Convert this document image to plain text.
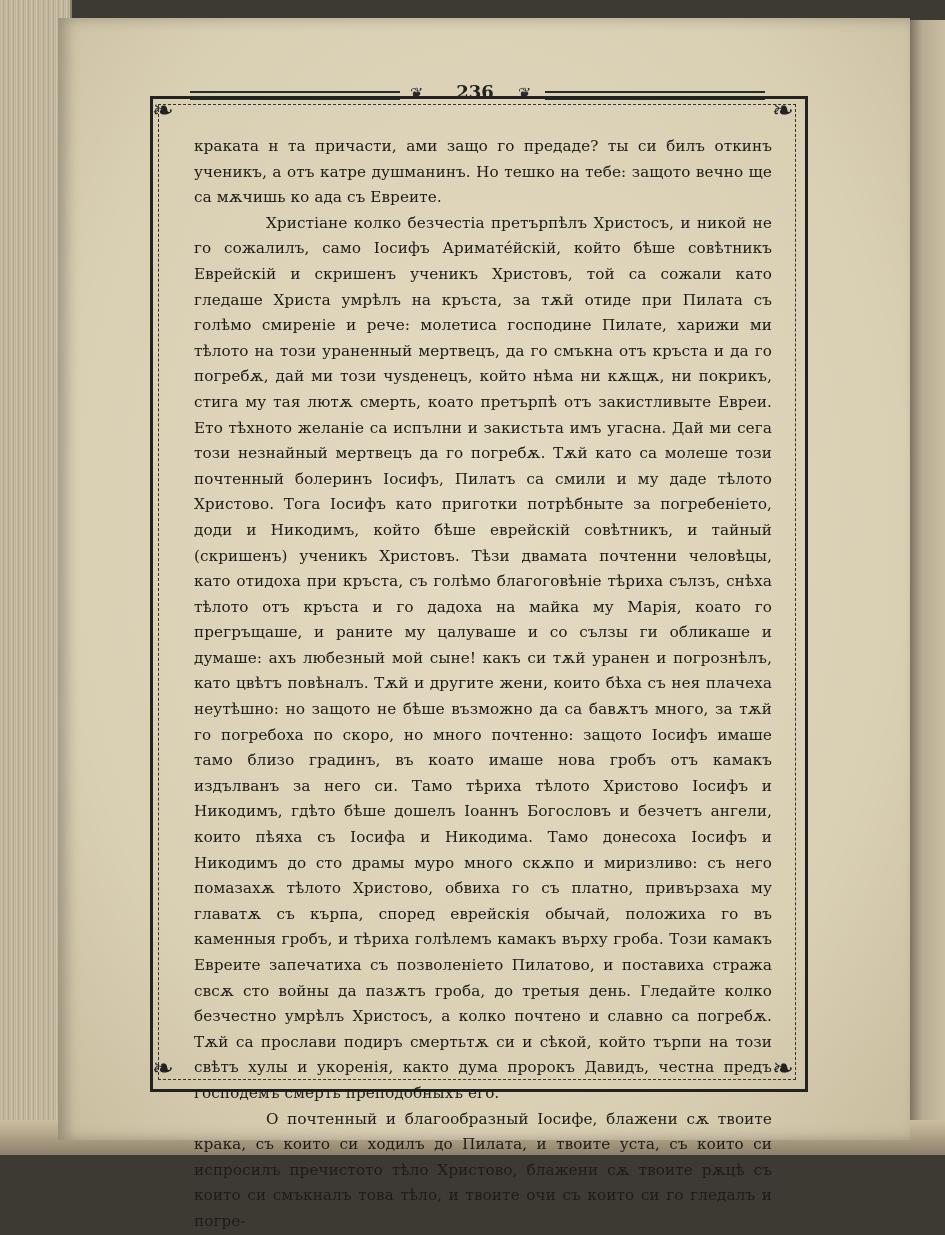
❦	236	❦
❧	❧
❧	❧

краката н та причасти, ами защо го предаде? ты си билъ откинъ ученикъ, а отъ катре душманинъ. Но тешко на тебе: защото вечно ще са мѫчишь ко ада съ Евреите.

Христіане колко безчестіа претърпѣлъ Христосъ, и никой не го сожалилъ, само Іосифъ Аримате́йскій, който бѣше совѣтникъ Еврейскій и скришенъ ученикъ Христовъ, той са сожали като гледаше Христа умрѣлъ на кръста, за тѫй отиде при Пилата съ голѣмо смиреніе и рече: молетиса господине Пилате, харижи ми тѣлото на този ураненный мертвецъ, да го смъкна отъ кръста и да го погребѫ, дай ми този чуѕденецъ, който нѣма ни кѫщѫ, ни покрикъ, стига му тая лютѫ смерть, коато претърпѣ отъ закистливыте Евреи. Ето тѣхното желаніе са испълни и закистьта имъ угасна. Дай ми сега този незнайный мертвецъ да го погребѫ. Тѫй като са молеше този почтенный болеринъ Іосифъ, Пилатъ са смили и му даде тѣлото Христово. Тога Іосифъ като приготки потрѣбныте за погребеніето, доди и Никодимъ, който бѣше еврейскій совѣтникъ, и тайный (скришенъ) ученикъ Христовъ. Тѣзи двамата почтенни человѣцы, като отидоха при кръста, съ голѣмо благоговѣніе тѣриха сълзъ, снѣха тѣлото отъ кръста и го дадоха на майка му Марія, коато го прегръщаше, и раните му цалуваше и со сълзы ги обликаше и думаше: ахъ любезный мой сыне! какъ си тѫй уранен и погрознѣлъ, като цвѣтъ повѣналъ. Тѫй и другите жени, които бѣха съ нея плачеха неутѣшно: но защото не бѣше възможно да са бавѫтъ много, за тѫй го погребоха по скоро, но много почтенно: защото Іосифъ имаше тамо близо градинъ, въ коато имаше нова гробъ отъ камакъ издълванъ за него си. Тамо тѣриха тѣлото Христово Іосифъ и Никодимъ, гдѣто бѣше дошелъ Іоаннъ Богословъ и безчетъ ангели, които пѣяха съ Іосифа и Никодима. Тамо донесоха Іосифъ и Никодимъ до сто драмы муро много скѫпо и миризливо: съ него помазахѫ тѣлото Христово, обвиха го съ платно, привързаха му главатѫ съ кърпа, според еврейскія обычай, положиха го въ каменныя гробъ, и тѣриха голѣлемъ камакъ върху гроба. Този камакъ Евреите запечатиха съ позволеніето Пилатово, и поставиха стража свсѫ сто войны да пазѫтъ гроба, до третыя день. Гледайте колко безчестно умрѣлъ Христосъ, а колко почтено и славно са погребѫ. Тѫй са прослави подиръ смертьтѫ си и сѣкой, който търпи на този свѣтъ хулы и укоренія, както дума пророкъ Давидъ, честна предъ господемъ смерть преподобныхъ его.

О почтенный и благообразный Іосифе, блажени сѫ твоите крака, съ които си ходилъ до Пилата, и твоите уста, съ които си испросилъ пречистото тѣло Христово, блажени сѫ твоите рѫцѣ съ които си смъкналъ това тѣло, и твоите очи съ които си го гледалъ и погре-
